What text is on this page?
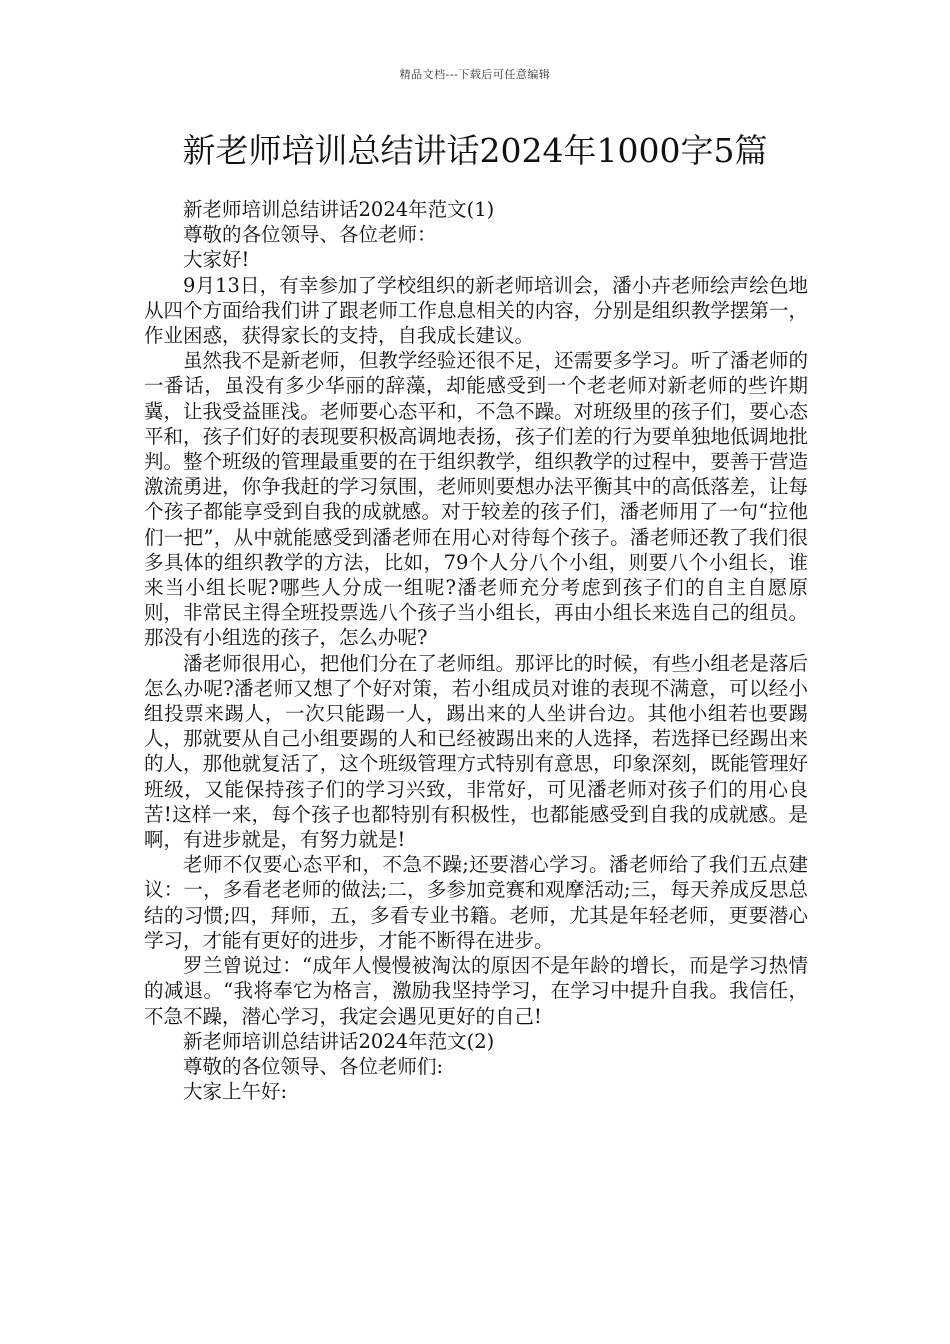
精品文档---下载后可任意编辑
新老师培训总结讲话2024年1000字5篇

新老师培训总结讲话2024年范文(1)

尊敬的各位领导、各位老师：

大家好!

9月13日，有幸参加了学校组织的新老师培训会，潘小卉老师绘声绘色地从四个方面给我们讲了跟老师工作息息相关的内容，分别是组织教学摆第一，作业困惑，获得家长的支持，自我成长建议。

虽然我不是新老师，但教学经验还很不足，还需要多学习。听了潘老师的一番话，虽没有多少华丽的辞藻，却能感受到一个老老师对新老师的些许期冀，让我受益匪浅。老师要心态平和，不急不躁。对班级里的孩子们，要心态平和，孩子们好的表现要积极高调地表扬，孩子们差的行为要单独地低调地批判。整个班级的管理最重要的在于组织教学，组织教学的过程中，要善于营造激流勇进，你争我赶的学习氛围，老师则要想办法平衡其中的高低落差，让每个孩子都能享受到自我的成就感。对于较差的孩子们，潘老师用了一句“拉他们一把”，从中就能感受到潘老师在用心对待每个孩子。潘老师还教了我们很多具体的组织教学的方法，比如，79个人分八个小组，则要八个小组长，谁来当小组长呢?哪些人分成一组呢?潘老师充分考虑到孩子们的自主自愿原则，非常民主得全班投票选八个孩子当小组长，再由小组长来选自己的组员。那没有小组选的孩子，怎么办呢?

潘老师很用心，把他们分在了老师组。那评比的时候，有些小组老是落后怎么办呢?潘老师又想了个好对策，若小组成员对谁的表现不满意，可以经小组投票来踢人，一次只能踢一人，踢出来的人坐讲台边。其他小组若也要踢人，那就要从自己小组要踢的人和已经被踢出来的人选择，若选择已经踢出来的人，那他就复活了，这个班级管理方式特别有意思，印象深刻，既能管理好班级，又能保持孩子们的学习兴致，非常好，可见潘老师对孩子们的用心良苦!这样一来，每个孩子也都特别有积极性，也都能感受到自我的成就感。是啊，有进步就是，有努力就是!

老师不仅要心态平和，不急不躁;还要潜心学习。潘老师给了我们五点建议：一，多看老老师的做法;二，多参加竞赛和观摩活动;三，每天养成反思总结的习惯;四，拜师，五，多看专业书籍。老师，尤其是年轻老师，更要潜心学习，才能有更好的进步，才能不断得在进步。

罗兰曾说过：“成年人慢慢被淘汰的原因不是年龄的增长，而是学习热情的减退。“我将奉它为格言，激励我坚持学习，在学习中提升自我。我信任，不急不躁，潜心学习，我定会遇见更好的自己!

新老师培训总结讲话2024年范文(2)

尊敬的各位领导、各位老师们:

大家上午好:
